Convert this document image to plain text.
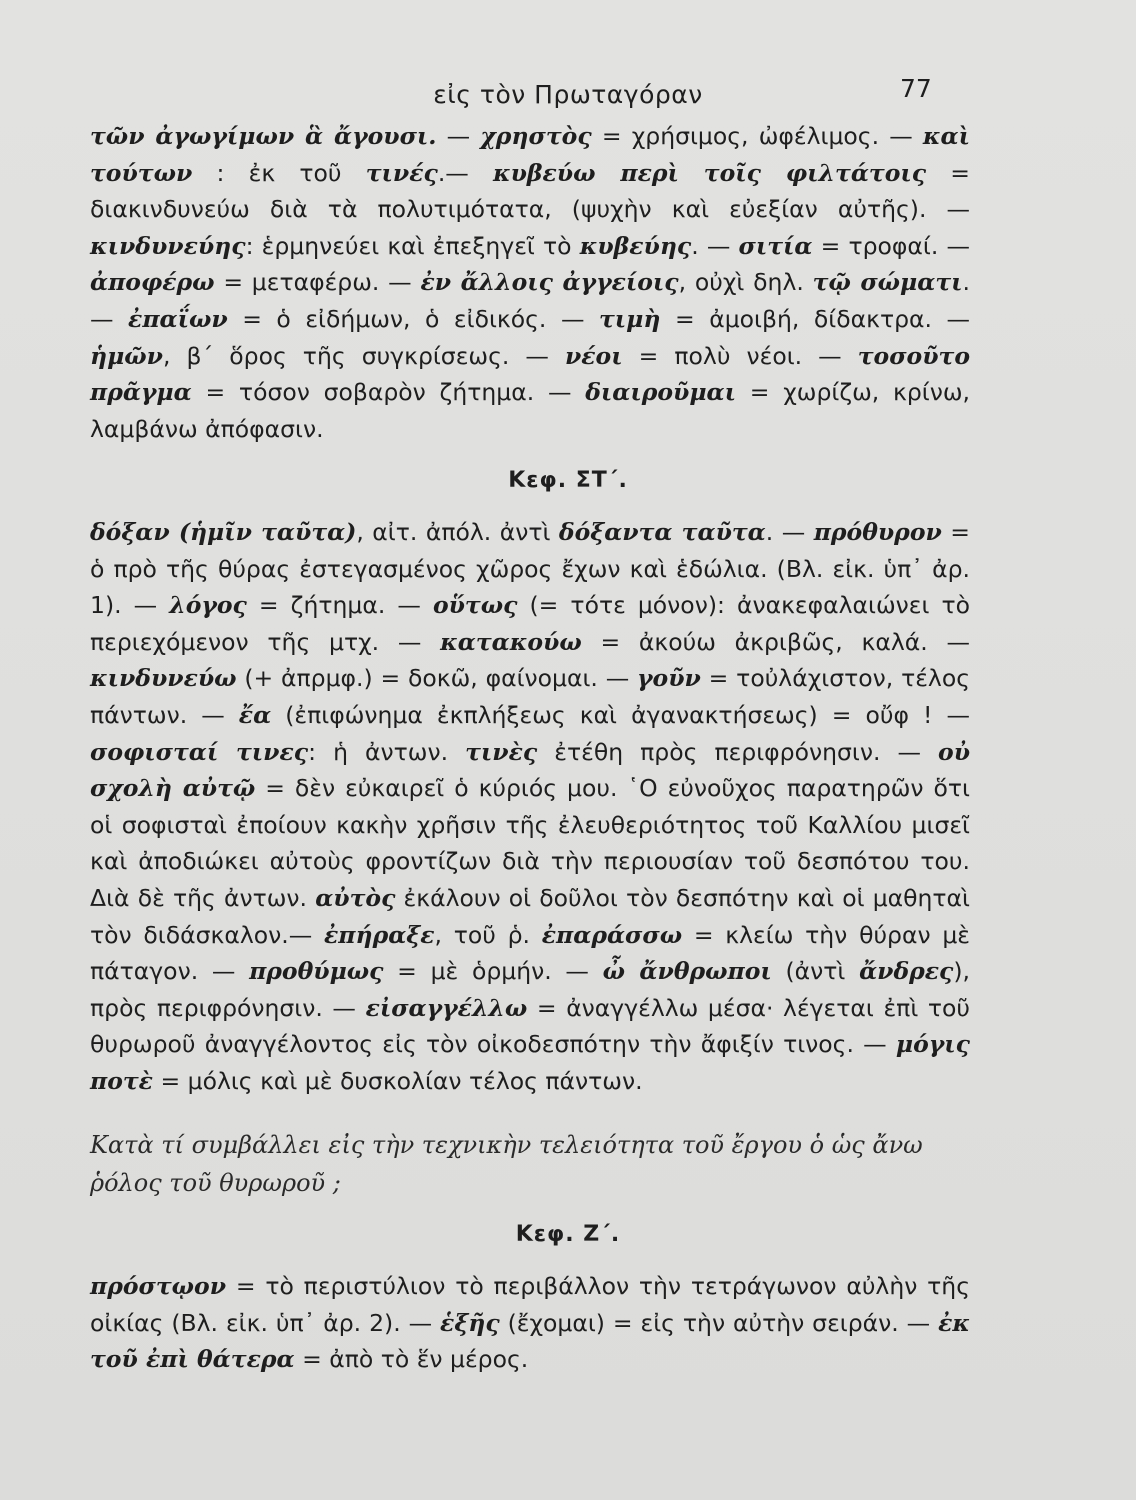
εἰς τὸν Πρωταγόραν	77

τῶν ἀγωγίμων ἃ ἄγουσι. — χρηστὸς = χρήσιμος, ὠφέλιμος. — καὶ τούτων : ἐκ τοῦ τινές.— κυβεύω περὶ τοῖς φιλτάτοις = διακινδυνεύω διὰ τὰ πολυτιμότατα, (ψυχὴν καὶ εὐεξίαν αὐτῆς). — κινδυνεύης: ἑρμηνεύει καὶ ἐπεξηγεῖ τὸ κυβεύης. — σιτία = τροφαί. — ἀποφέρω = μεταφέρω. — ἐν ἄλλοις ἀγγείοις, οὐχὶ δηλ. τῷ σώματι. — ἐπαΐων = ὁ εἰδήμων, ὁ εἰδικός. — τιμὴ = ἀμοιβή, δίδακτρα. — ἡμῶν, β΄ ὅρος τῆς συγκρίσεως. — νέοι = πολὺ νέοι. — τοσοῦτο πρᾶγμα = τόσον σοβαρὸν ζήτημα. — διαιροῦμαι = χωρίζω, κρίνω, λαμβάνω ἀπόφασιν.

Κεφ. ΣΤ΄.

δόξαν (ἡμῖν ταῦτα), αἰτ. ἀπόλ. ἀντὶ δόξαντα ταῦτα. — πρόθυρον = ὁ πρὸ τῆς θύρας ἐστεγασμένος χῶρος ἔχων καὶ ἑδώλια. (Βλ. εἰκ. ὑπ᾿ ἀρ. 1). — λόγος = ζήτημα. — οὕτως (= τότε μόνον): ἀνακεφαλαιώνει τὸ περιεχόμενον τῆς μτχ. — κατακούω = ἀκούω ἀκριβῶς, καλά. — κινδυνεύω (+ ἀπρμφ.) = δοκῶ, φαίνομαι. — γοῦν = τοὐλάχιστον, τέλος πάντων. — ἔα (ἐπιφώνημα ἐκπλήξεως καὶ ἀγανακτήσεως) = οὔφ ! — σοφισταί τινες: ἡ ἀντων. τινὲς ἐτέθη πρὸς περιφρόνησιν. — οὐ σχολὴ αὐτῷ = δὲν εὐκαιρεῖ ὁ κύριός μου. ῾Ο εὐνοῦχος παρατηρῶν ὅτι οἱ σοφισταὶ ἐποίουν κακὴν χρῆσιν τῆς ἐλευθεριότητος τοῦ Καλλίου μισεῖ καὶ ἀποδιώκει αὐτοὺς φροντίζων διὰ τὴν περιουσίαν τοῦ δεσπότου του. Διὰ δὲ τῆς ἀντων. αὐτὸς ἐκάλουν οἱ δοῦλοι τὸν δεσπότην καὶ οἱ μαθηταὶ τὸν διδάσκαλον.— ἐπήραξε, τοῦ ῥ. ἐπαράσσω = κλείω τὴν θύραν μὲ πάταγον. — προθύμως = μὲ ὁρμήν. — ὦ ἄνθρωποι (ἀντὶ ἄνδρες), πρὸς περιφρόνησιν. — εἰσαγγέλλω = ἀναγγέλλω μέσα· λέγεται ἐπὶ τοῦ θυρωροῦ ἀναγγέλοντος εἰς τὸν οἰκοδεσπότην τὴν ἄφιξίν τινος. — μόγις ποτὲ = μόλις καὶ μὲ δυσκολίαν τέλος πάντων.

Κατὰ τί συμβάλλει εἰς τὴν τεχνικὴν τελειότητα τοῦ ἔργου ὁ ὡς ἄνω ῥόλος τοῦ θυρωροῦ ;

Κεφ. Ζ΄.

πρόστῳον = τὸ περιστύλιον τὸ περιβάλλον τὴν τετράγωνον αὐλὴν τῆς οἰκίας (Βλ. εἰκ. ὑπ᾿ ἀρ. 2). — ἑξῆς (ἔχομαι) = εἰς τὴν αὐτὴν σειράν. — ἐκ τοῦ ἐπὶ θάτερα = ἀπὸ τὸ ἕν μέρος.
